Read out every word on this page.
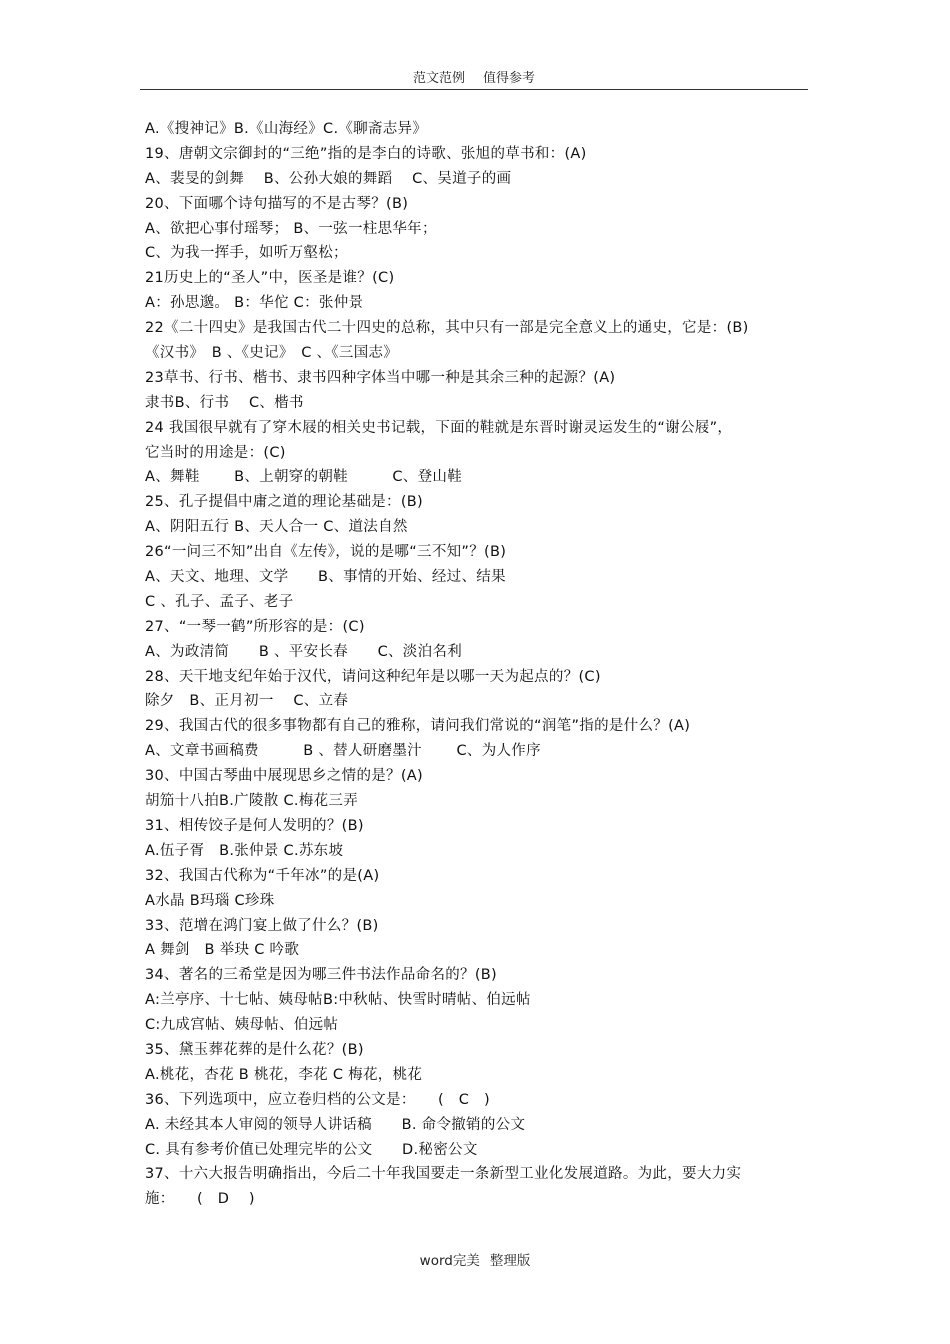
范文范例 值得参考
A.《搜神记》B.《山海经》C.《聊斋志异》
19、唐朝文宗御封的“三绝”指的是李白的诗歌、张旭的草书和：(A)
A、裴旻的剑舞　 B、公孙大娘的舞蹈　 C、吴道子的画
20、下面哪个诗句描写的不是古琴？(B)
A、欲把心事付瑶琴； B、一弦一柱思华年；
C、为我一挥手，如听万壑松；
21历史上的“圣人”中，医圣是谁？(C)
A：孙思邈。 B：华佗 C：张仲景
22《二十四史》是我国古代二十四史的总称，其中只有一部是完全意义上的通史，它是：(B)
《汉书》　B 、《史记》　C 、《三国志》
23草书、行书、楷书、隶书四种字体当中哪一种是其余三种的起源？(A)
隶书B、行书　 C、楷书
24 我国很早就有了穿木屐的相关史书记载，下面的鞋就是东晋时谢灵运发生的“谢公屐”，
它当时的用途是：(C)
A、舞鞋　　 B、上朝穿的朝鞋　　　C、登山鞋
25、孔子提倡中庸之道的理论基础是：(B)
A、阴阳五行 B、天人合一 C、道法自然
26“一问三不知”出自《左传》，说的是哪“三不知”？(B)
A、天文、地理、文学　　B、事情的开始、经过、结果
C 、孔子、孟子、老子
27、“一琴一鹤”所形容的是：(C)
A、为政清简　　B 、平安长春　　C、淡泊名利
28、天干地支纪年始于汉代，请问这种纪年是以哪一天为起点的？(C)
除夕　B、正月初一　 C、立春
29、我国古代的很多事物都有自己的雅称，请问我们常说的“润笔”指的是什么？(A)
A、文章书画稿费　　　B 、替人研磨墨汁　　 C、为人作序
30、中国古琴曲中展现思乡之情的是？(A)
胡笳十八拍B.广陵散 C.梅花三弄
31、相传饺子是何人发明的？(B)
A.伍子胥　B.张仲景 C.苏东坡
32、我国古代称为“千年冰”的是(A)
A水晶 B玛瑙 C珍珠
33、范增在鸿门宴上做了什么？(B)
A 舞剑　B 举玦 C 吟歌
34、著名的三希堂是因为哪三件书法作品命名的？(B)
A:兰亭序、十七帖、姨母帖B:中秋帖、快雪时晴帖、伯远帖
C:九成宫帖、姨母帖、伯远帖
35、黛玉葬花葬的是什么花？(B)
A.桃花，杏花 B 桃花，李花 C 梅花，桃花
36、下列选项中，应立卷归档的公文是：　　(　C　)
A. 未经其本人审阅的领导人讲话稿　　B. 命令撤销的公文
C. 具有参考价值已处理完毕的公文　　D.秘密公文
37、十六大报告明确指出，今后二十年我国要走一条新型工业化发展道路。为此，要大力实
施：　　(　D　 )
word完美 整理版
